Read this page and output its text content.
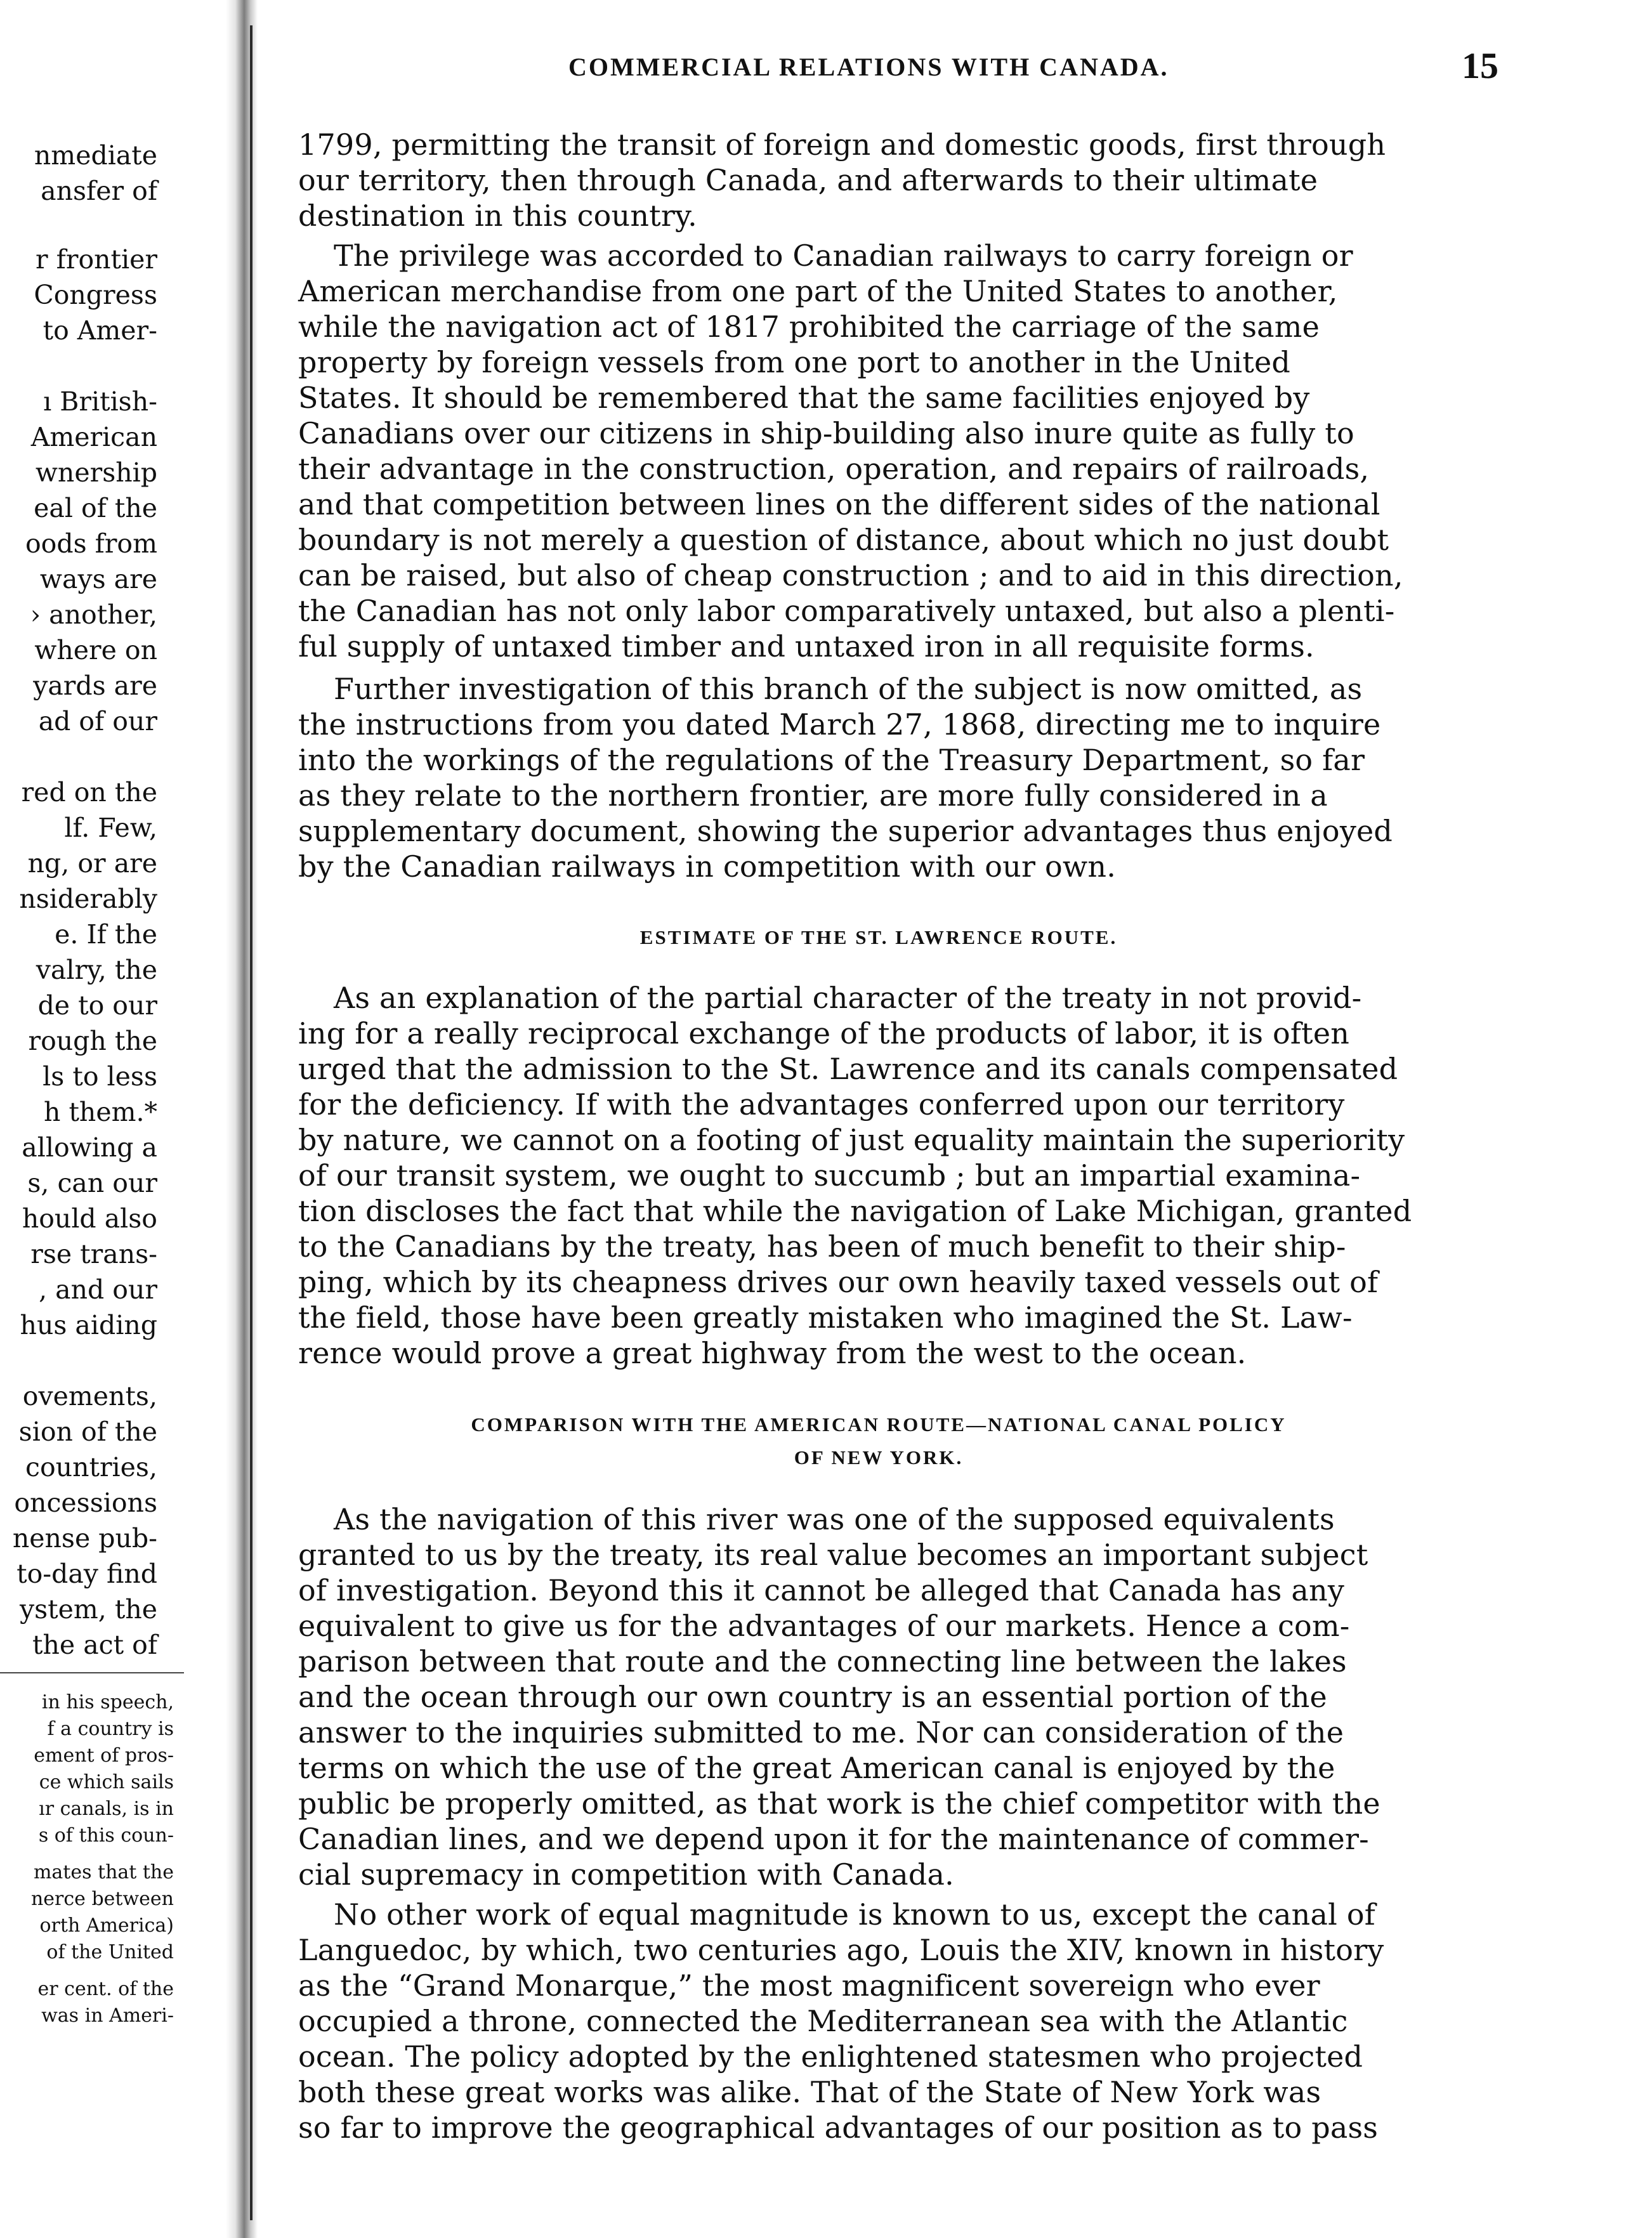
nmediate
ansfer of
r frontier
Congress
to Amer-
ı British-
American
wnership
eal of the
oods from
ways are
› another,
where on
yards are
ad of our
red on the
lf. Few,
ng, or are
nsiderably
e. If the
valry, the
de to our
rough the
ls to less
h them.*
allowing a
s, can our
hould also
rse trans-
, and our
hus aiding
ovements,
sion of the
countries,
oncessions
nense pub-
to-day find
ystem, the
the act of
in his speech,
f a country is
ement of pros-
ce which sails
ır canals, is in
s of this coun-
mates that the
nerce between
orth America)
of the United
er cent. of the
was in Ameri-
COMMERCIAL RELATIONS WITH CANADA.	15
1799, permitting the transit of foreign and domestic goods, first through
our territory, then through Canada, and afterwards to their ultimate
destination in this country.
The privilege was accorded to Canadian railways to carry foreign or
American merchandise from one part of the United States to another,
while the navigation act of 1817 prohibited the carriage of the same
property by foreign vessels from one port to another in the United
States. It should be remembered that the same facilities enjoyed by
Canadians over our citizens in ship-building also inure quite as fully to
their advantage in the construction, operation, and repairs of railroads,
and that competition between lines on the different sides of the national
boundary is not merely a question of distance, about which no just doubt
can be raised, but also of cheap construction ; and to aid in this direction,
the Canadian has not only labor comparatively untaxed, but also a plenti-
ful supply of untaxed timber and untaxed iron in all requisite forms.
Further investigation of this branch of the subject is now omitted, as
the instructions from you dated March 27, 1868, directing me to inquire
into the workings of the regulations of the Treasury Department, so far
as they relate to the northern frontier, are more fully considered in a
supplementary document, showing the superior advantages thus enjoyed
by the Canadian railways in competition with our own.
ESTIMATE OF THE ST. LAWRENCE ROUTE.
As an explanation of the partial character of the treaty in not provid-
ing for a really reciprocal exchange of the products of labor, it is often
urged that the admission to the St. Lawrence and its canals compensated
for the deficiency. If with the advantages conferred upon our territory
by nature, we cannot on a footing of just equality maintain the superiority
of our transit system, we ought to succumb ; but an impartial examina-
tion discloses the fact that while the navigation of Lake Michigan, granted
to the Canadians by the treaty, has been of much benefit to their ship-
ping, which by its cheapness drives our own heavily taxed vessels out of
the field, those have been greatly mistaken who imagined the St. Law-
rence would prove a great highway from the west to the ocean.
COMPARISON WITH THE AMERICAN ROUTE—NATIONAL CANAL POLICY
OF NEW YORK.
As the navigation of this river was one of the supposed equivalents
granted to us by the treaty, its real value becomes an important subject
of investigation. Beyond this it cannot be alleged that Canada has any
equivalent to give us for the advantages of our markets. Hence a com-
parison between that route and the connecting line between the lakes
and the ocean through our own country is an essential portion of the
answer to the inquiries submitted to me. Nor can consideration of the
terms on which the use of the great American canal is enjoyed by the
public be properly omitted, as that work is the chief competitor with the
Canadian lines, and we depend upon it for the maintenance of commer-
cial supremacy in competition with Canada.
No other work of equal magnitude is known to us, except the canal of
Languedoc, by which, two centuries ago, Louis the XIV, known in history
as the “Grand Monarque,” the most magnificent sovereign who ever
occupied a throne, connected the Mediterranean sea with the Atlantic
ocean. The policy adopted by the enlightened statesmen who projected
both these great works was alike. That of the State of New York was
so far to improve the geographical advantages of our position as to pass
